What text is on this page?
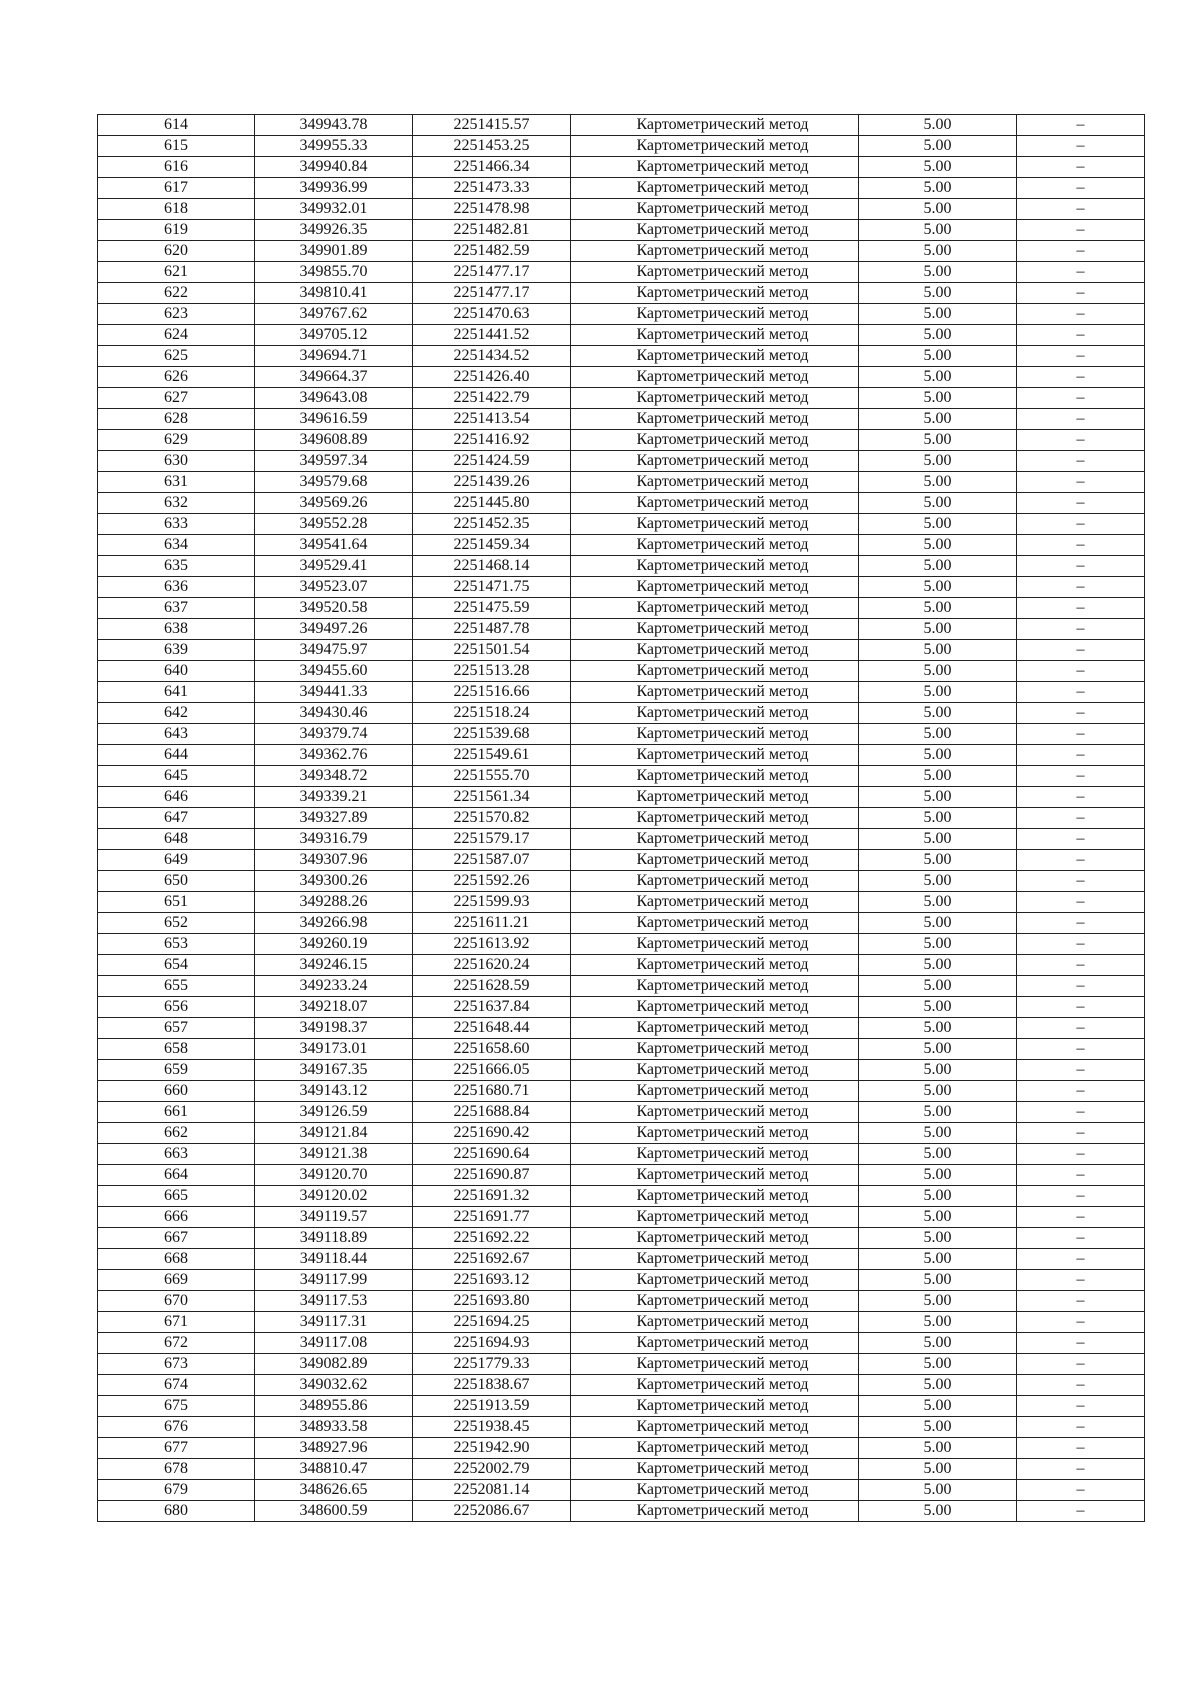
614	349943.78	2251415.57	Картометрический метод	5.00	–
615	349955.33	2251453.25	Картометрический метод	5.00	–
616	349940.84	2251466.34	Картометрический метод	5.00	–
617	349936.99	2251473.33	Картометрический метод	5.00	–
618	349932.01	2251478.98	Картометрический метод	5.00	–
619	349926.35	2251482.81	Картометрический метод	5.00	–
620	349901.89	2251482.59	Картометрический метод	5.00	–
621	349855.70	2251477.17	Картометрический метод	5.00	–
622	349810.41	2251477.17	Картометрический метод	5.00	–
623	349767.62	2251470.63	Картометрический метод	5.00	–
624	349705.12	2251441.52	Картометрический метод	5.00	–
625	349694.71	2251434.52	Картометрический метод	5.00	–
626	349664.37	2251426.40	Картометрический метод	5.00	–
627	349643.08	2251422.79	Картометрический метод	5.00	–
628	349616.59	2251413.54	Картометрический метод	5.00	–
629	349608.89	2251416.92	Картометрический метод	5.00	–
630	349597.34	2251424.59	Картометрический метод	5.00	–
631	349579.68	2251439.26	Картометрический метод	5.00	–
632	349569.26	2251445.80	Картометрический метод	5.00	–
633	349552.28	2251452.35	Картометрический метод	5.00	–
634	349541.64	2251459.34	Картометрический метод	5.00	–
635	349529.41	2251468.14	Картометрический метод	5.00	–
636	349523.07	2251471.75	Картометрический метод	5.00	–
637	349520.58	2251475.59	Картометрический метод	5.00	–
638	349497.26	2251487.78	Картометрический метод	5.00	–
639	349475.97	2251501.54	Картометрический метод	5.00	–
640	349455.60	2251513.28	Картометрический метод	5.00	–
641	349441.33	2251516.66	Картометрический метод	5.00	–
642	349430.46	2251518.24	Картометрический метод	5.00	–
643	349379.74	2251539.68	Картометрический метод	5.00	–
644	349362.76	2251549.61	Картометрический метод	5.00	–
645	349348.72	2251555.70	Картометрический метод	5.00	–
646	349339.21	2251561.34	Картометрический метод	5.00	–
647	349327.89	2251570.82	Картометрический метод	5.00	–
648	349316.79	2251579.17	Картометрический метод	5.00	–
649	349307.96	2251587.07	Картометрический метод	5.00	–
650	349300.26	2251592.26	Картометрический метод	5.00	–
651	349288.26	2251599.93	Картометрический метод	5.00	–
652	349266.98	2251611.21	Картометрический метод	5.00	–
653	349260.19	2251613.92	Картометрический метод	5.00	–
654	349246.15	2251620.24	Картометрический метод	5.00	–
655	349233.24	2251628.59	Картометрический метод	5.00	–
656	349218.07	2251637.84	Картометрический метод	5.00	–
657	349198.37	2251648.44	Картометрический метод	5.00	–
658	349173.01	2251658.60	Картометрический метод	5.00	–
659	349167.35	2251666.05	Картометрический метод	5.00	–
660	349143.12	2251680.71	Картометрический метод	5.00	–
661	349126.59	2251688.84	Картометрический метод	5.00	–
662	349121.84	2251690.42	Картометрический метод	5.00	–
663	349121.38	2251690.64	Картометрический метод	5.00	–
664	349120.70	2251690.87	Картометрический метод	5.00	–
665	349120.02	2251691.32	Картометрический метод	5.00	–
666	349119.57	2251691.77	Картометрический метод	5.00	–
667	349118.89	2251692.22	Картометрический метод	5.00	–
668	349118.44	2251692.67	Картометрический метод	5.00	–
669	349117.99	2251693.12	Картометрический метод	5.00	–
670	349117.53	2251693.80	Картометрический метод	5.00	–
671	349117.31	2251694.25	Картометрический метод	5.00	–
672	349117.08	2251694.93	Картометрический метод	5.00	–
673	349082.89	2251779.33	Картометрический метод	5.00	–
674	349032.62	2251838.67	Картометрический метод	5.00	–
675	348955.86	2251913.59	Картометрический метод	5.00	–
676	348933.58	2251938.45	Картометрический метод	5.00	–
677	348927.96	2251942.90	Картометрический метод	5.00	–
678	348810.47	2252002.79	Картометрический метод	5.00	–
679	348626.65	2252081.14	Картометрический метод	5.00	–
680	348600.59	2252086.67	Картометрический метод	5.00	–
